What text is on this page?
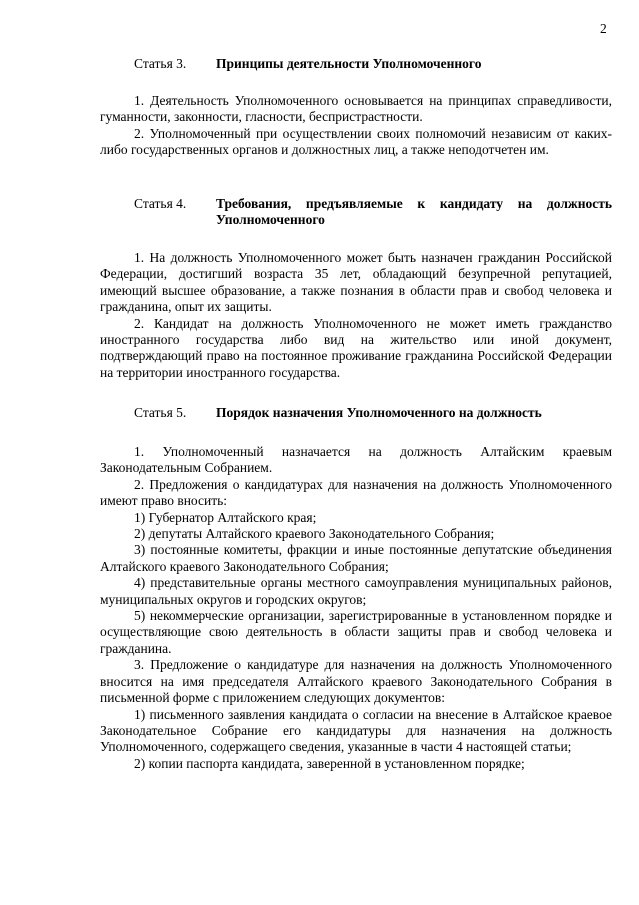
2
Статья 3.	Принципы деятельности Уполномоченного

1. Деятельность Уполномоченного основывается на принципах справедливости, гуманности, законности, гласности, беспристрастности.

2. Уполномоченный при осуществлении своих полномочий независим от каких-либо государственных органов и должностных лиц, а также неподотчетен им.

Статья 4.	Требования, предъявляемые к кандидату на должность Уполномоченного

1. На должность Уполномоченного может быть назначен гражданин Российской Федерации, достигший возраста 35 лет, обладающий безупречной репутацией, имеющий высшее образование, а также познания в области прав и свобод человека и гражданина, опыт их защиты.

2. Кандидат на должность Уполномоченного не может иметь гражданство иностранного государства либо вид на жительство или иной документ, подтверждающий право на постоянное проживание гражданина Российской Федерации на территории иностранного государства.

Статья 5.	Порядок назначения Уполномоченного на должность

1. Уполномоченный назначается на должность Алтайским краевым Законодательным Собранием.

2. Предложения о кандидатурах для назначения на должность Уполномоченного имеют право вносить:

1) Губернатор Алтайского края;

2) депутаты Алтайского краевого Законодательного Собрания;

3) постоянные комитеты, фракции и иные постоянные депутатские объединения Алтайского краевого Законодательного Собрания;

4) представительные органы местного самоуправления муниципальных районов, муниципальных округов и городских округов;

5) некоммерческие организации, зарегистрированные в установленном порядке и осуществляющие свою деятельность в области защиты прав и свобод человека и гражданина.

3. Предложение о кандидатуре для назначения на должность Уполномоченного вносится на имя председателя Алтайского краевого Законодательного Собрания в письменной форме с приложением следующих документов:

1) письменного заявления кандидата о согласии на внесение в Алтайское краевое Законодательное Собрание его кандидатуры для назначения на должность Уполномоченного, содержащего сведения, указанные в части 4 настоящей статьи;

2) копии паспорта кандидата, заверенной в установленном порядке;
